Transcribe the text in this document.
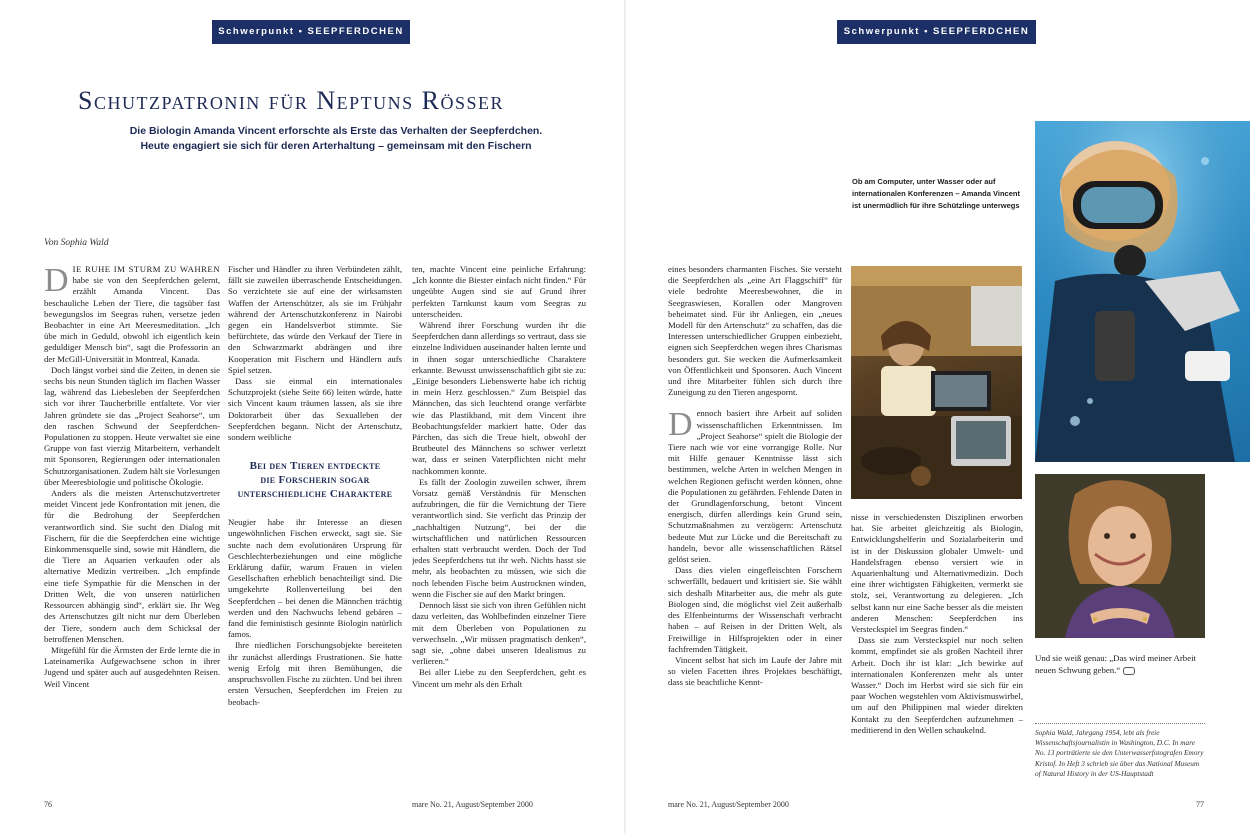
Schwerpunkt • SEEPFERDCHEN	Schwerpunkt • SEEPFERDCHEN
Schutzpatronin für Neptuns Rösser
Die Biologin Amanda Vincent erforschte als Erste das Verhalten der Seepferdchen.
Heute engagiert sie sich für deren Arterhaltung – gemeinsam mit den Fischern
Von Sophia Wald

DIE RUHE IM STURM ZU WAHREN habe sie von den Seepferdchen gelernt, erzählt Amanda Vincent. Das beschauliche Leben der Tiere, die tagsüber fast bewegungslos im Seegras ruhen, versetze jeden Beobachter in eine Art Meeresmeditation. „Ich übe mich in Geduld, obwohl ich eigentlich kein geduldiger Mensch bin“, sagt die Professorin an der McGill-Universität in Montreal, Kanada.

Doch längst vorbei sind die Zeiten, in denen sie sechs bis neun Stunden täglich im flachen Wasser lag, während das Liebesleben der Seepferdchen sich vor ihrer Taucherbrille entfaltete. Vor vier Jahren gründete sie das „Project Seahorse“, um den raschen Schwund der Seepferdchen-Populationen zu stoppen. Heute verwaltet sie eine Gruppe von fast vierzig Mitarbeitern, verhandelt mit Sponsoren, Regierungen oder internationalen Schutzorganisationen. Zudem hält sie Vorlesungen über Meeresbiologie und politische Ökologie.

Anders als die meisten Artenschutzvertreter meidet Vincent jede Konfrontation mit jenen, die für die Bedrohung der Seepferdchen verantwortlich sind. Sie sucht den Dialog mit Fischern, für die die Seepferdchen eine wichtige Einkommensquelle sind, sowie mit Händlern, die die Tiere an Aquarien verkaufen oder als alternative Medizin vertreiben. „Ich empfinde eine tiefe Sympathie für die Menschen in der Dritten Welt, die von unseren natürlichen Ressourcen abhängig sind“, erklärt sie. Ihr Weg des Artenschutzes gilt nicht nur dem Überleben der Tiere, sondern auch dem Schicksal der betroffenen Menschen.

Mitgefühl für die Ärmsten der Erde lernte die in Lateinamerika Aufgewachsene schon in ihrer Jugend und später auch auf ausgedehnten Reisen. Weil Vincent

Fischer und Händler zu ihren Verbündeten zählt, fällt sie zuweilen überraschende Entscheidungen. So verzichtete sie auf eine der wirksamsten Waffen der Artenschützer, als sie im Frühjahr während der Artenschutzkonferenz in Nairobi gegen ein Handelsverbot stimmte. Sie befürchtete, das würde den Verkauf der Tiere in den Schwarzmarkt abdrängen und ihre Kooperation mit Fischern und Händlern aufs Spiel setzen.

Dass sie einmal ein internationales Schutzprojekt (siehe Seite 66) leiten würde, hatte sich Vincent kaum träumen lassen, als sie ihre Doktorarbeit über das Sexualleben der Seepferdchen begann. Nicht der Artenschutz, sondern weibliche

Bei den Tieren entdeckte
die Forscherin sogar
unterschiedliche Charaktere

Neugier habe ihr Interesse an diesen ungewöhnlichen Fischen erweckt, sagt sie. Sie suchte nach dem evolutionären Ursprung für Geschlechterbeziehungen und eine mögliche Erklärung dafür, warum Frauen in vielen Gesellschaften erheblich benachteiligt sind. Die umgekehrte Rollenverteilung bei den Seepferdchen – bei denen die Männchen trächtig werden und den Nachwuchs lebend gebären – fand die feministisch gesinnte Biologin natürlich famos.

Ihre niedlichen Forschungsobjekte bereiteten ihr zunächst allerdings Frustrationen. Sie hatte wenig Erfolg mit ihren Bemühungen, die anspruchsvollen Fische zu züchten. Und bei ihren ersten Versuchen, Seepferdchen im Freien zu beobach-

ten, machte Vincent eine peinliche Erfahrung: „Ich konnte die Biester einfach nicht finden.“ Für ungeübte Augen sind sie auf Grund ihrer perfekten Tarnkunst kaum vom Seegras zu unterscheiden.

Während ihrer Forschung wurden ihr die Seepferdchen dann allerdings so vertraut, dass sie einzelne Individuen auseinander halten lernte und in ihnen sogar unterschiedliche Charaktere erkannte. Bewusst unwissenschaftlich gibt sie zu: „Einige besonders Liebenswerte habe ich richtig in mein Herz geschlossen.“ Zum Beispiel das Männchen, das sich leuchtend orange verfärbte wie das Plastikband, mit dem Vincent ihre Beobachtungsfelder markiert hatte. Oder das Pärchen, das sich die Treue hielt, obwohl der Brutbeutel des Männchens so schwer verletzt war, dass er seinen Vaterpflichten nicht mehr nachkommen konnte.

Es fällt der Zoologin zuweilen schwer, ihrem Vorsatz gemäß Verständnis für Menschen aufzubringen, die für die Vernichtung der Tiere verantwortlich sind. Sie verficht das Prinzip der „nachhaltigen Nutzung“, bei der die wirtschaftlichen und natürlichen Ressourcen erhalten statt verbraucht werden. Doch der Tod jedes Seepferdchens tut ihr weh. Nichts hasst sie mehr, als beobachten zu müssen, wie sich die noch lebenden Fische beim Austrocknen winden, wenn die Fischer sie auf den Markt bringen.

Dennoch lässt sie sich von ihren Gefühlen nicht dazu verleiten, das Wohlbefinden einzelner Tiere mit dem Überleben von Populationen zu verwechseln. „Wir müssen pragmatisch denken“, sagt sie, „ohne dabei unseren Idealismus zu verlieren.“

Bei aller Liebe zu den Seepferdchen, geht es Vincent um mehr als den Erhalt

eines besonders charmanten Fisches. Sie versteht die Seepferdchen als „eine Art Flaggschiff“ für viele bedrohte Meeresbewohner, die in Seegraswiesen, Korallen oder Mangroven beheimatet sind. Für ihr Anliegen, ein „neues Modell für den Artenschutz“ zu schaffen, das die Interessen unterschiedlicher Gruppen einbezieht, eignen sich Seepferdchen wegen ihres Charismas besonders gut. Sie wecken die Aufmerksamkeit von Öffentlichkeit und Sponsoren. Auch Vincent und ihre Mitarbeiter fühlen sich durch ihre Zuneigung zu den Tieren angespornt.

Dennoch basiert ihre Arbeit auf soliden wissenschaftlichen Erkenntnissen. Im „Project Seahorse“ spielt die Biologie der Tiere nach wie vor eine vorrangige Rolle. Nur mit Hilfe genauer Kenntnisse lässt sich bestimmen, welche Arten in welchen Mengen in welchen Regionen gefischt werden können, ohne die Populationen zu gefährden. Fehlende Daten in der Grundlagenforschung, betont Vincent energisch, dürfen allerdings kein Grund sein, Schutzmaßnahmen zu verzögern: Artenschutz bedeute Mut zur Lücke und die Bereitschaft zu handeln, bevor alle wissenschaftlichen Rätsel gelöst seien.

Dass dies vielen eingefleischten Forschern schwerfällt, bedauert und kritisiert sie. Sie wählt sich deshalb Mitarbeiter aus, die mehr als gute Biologen sind, die möglichst viel Zeit außerhalb des Elfenbeinturms der Wissenschaft verbracht haben – auf Reisen in der Dritten Welt, als Freiwillige in Hilfsprojekten oder in einer fachfremden Tätigkeit.

Vincent selbst hat sich im Laufe der Jahre mit so vielen Facetten ihres Projektes beschäftigt, dass sie beachtliche Kennt-

nisse in verschiedensten Disziplinen erworben hat. Sie arbeitet gleichzeitig als Biologin, Entwicklungshelferin und Sozialarbeiterin und ist in der Diskussion globaler Umwelt- und Handelsfragen ebenso versiert wie in Aquarienhaltung und Alternativmedizin. Doch eine ihrer wichtigsten Fähigkeiten, vermerkt sie stolz, sei, Verantwortung zu delegieren. „Ich selbst kann nur eine Sache besser als die meisten anderen Menschen: Seepferdchen ins Versteckspiel im Seegras finden.“

Dass sie zum Versteckspiel nur noch selten kommt, empfindet sie als großen Nachteil ihrer Arbeit. Doch ihr ist klar: „Ich bewirke auf internationalen Konferenzen mehr als unter Wasser.“ Doch im Herbst wird sie sich für ein paar Wochen wegstehlen vom Aktivismuswirbel, um auf den Philippinen mal wieder direkten Kontakt zu den Seepferdchen aufzunehmen – meditierend in den Wellen schaukelnd.

Ob am Computer, unter Wasser oder auf internationalen Konferenzen – Amanda Vincent ist unermüdlich für ihre Schützlinge unterwegs
Und sie weiß genau: „Das wird meiner Arbeit neuen Schwung geben.“
Sophia Wald, Jahrgang 1954, lebt als freie Wissenschaftsjournalistin in Washington, D.C. In mare No. 13 porträtierte sie den Unterwasserfotografen Emory Kristof. In Heft 3 schrieb sie über das National Museum of Natural History in der US-Hauptstadt
76	mare No. 21, August/September 2000	mare No. 21, August/September 2000	77
